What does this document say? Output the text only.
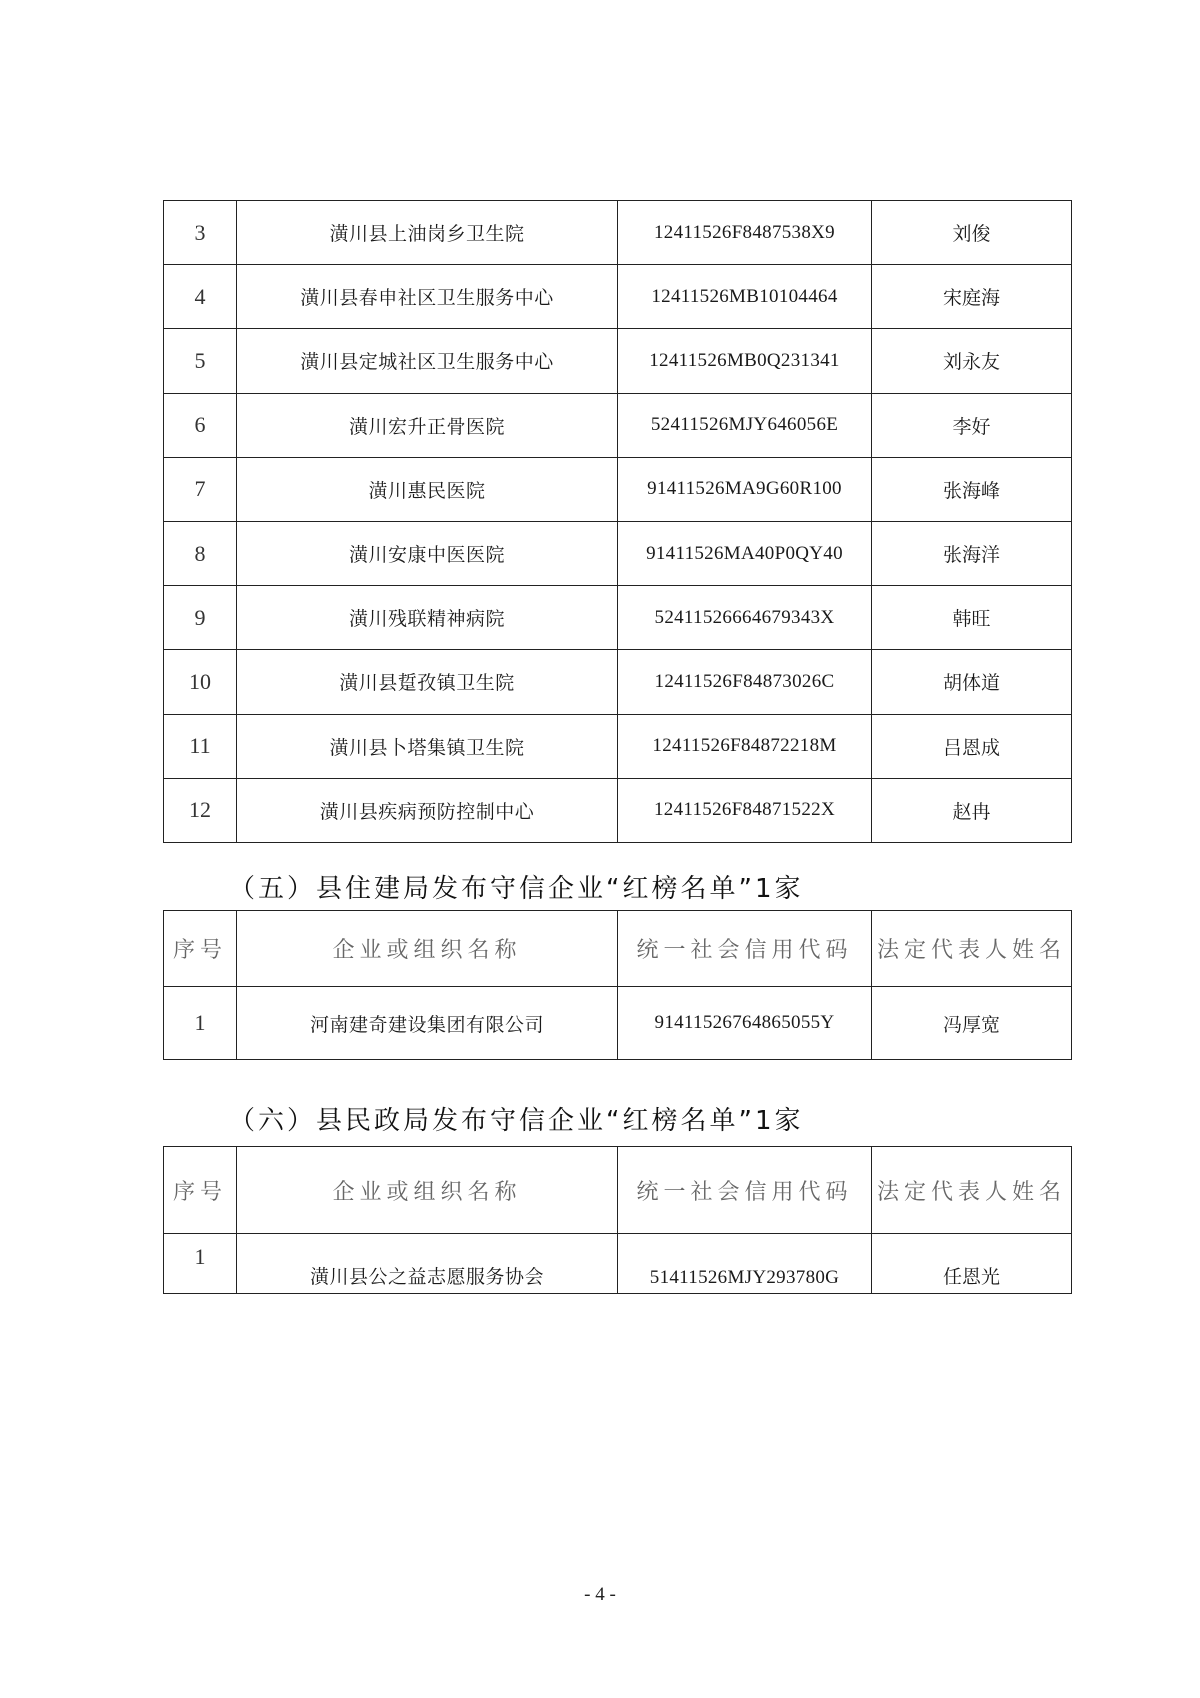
3	潢川县上油岗乡卫生院	12411526F8487538X9	刘俊
4	潢川县春申社区卫生服务中心	12411526MB10104464	宋庭海
5	潢川县定城社区卫生服务中心	12411526MB0Q231341	刘永友
6	潢川宏升正骨医院	52411526MJY646056E	李好
7	潢川惠民医院	91411526MA9G60R100	张海峰
8	潢川安康中医医院	91411526MA40P0QY40	张海洋
9	潢川残联精神病院	52411526664679343X	韩旺
10	潢川县踅孜镇卫生院	12411526F84873026C	胡体道
11	潢川县卜塔集镇卫生院	12411526F84872218M	吕恩成
12	潢川县疾病预防控制中心	12411526F84871522X	赵冉
（五）县住建局发布守信企业“红榜名单”1家
序号	企业或组织名称	统一社会信用代码	法定代表人姓名
1	河南建奇建设集团有限公司	91411526764865055Y	冯厚宽
（六）县民政局发布守信企业“红榜名单”1家
序号	企业或组织名称	统一社会信用代码	法定代表人姓名
1	潢川县公之益志愿服务协会	51411526MJY293780G	任恩光
- 4 -
